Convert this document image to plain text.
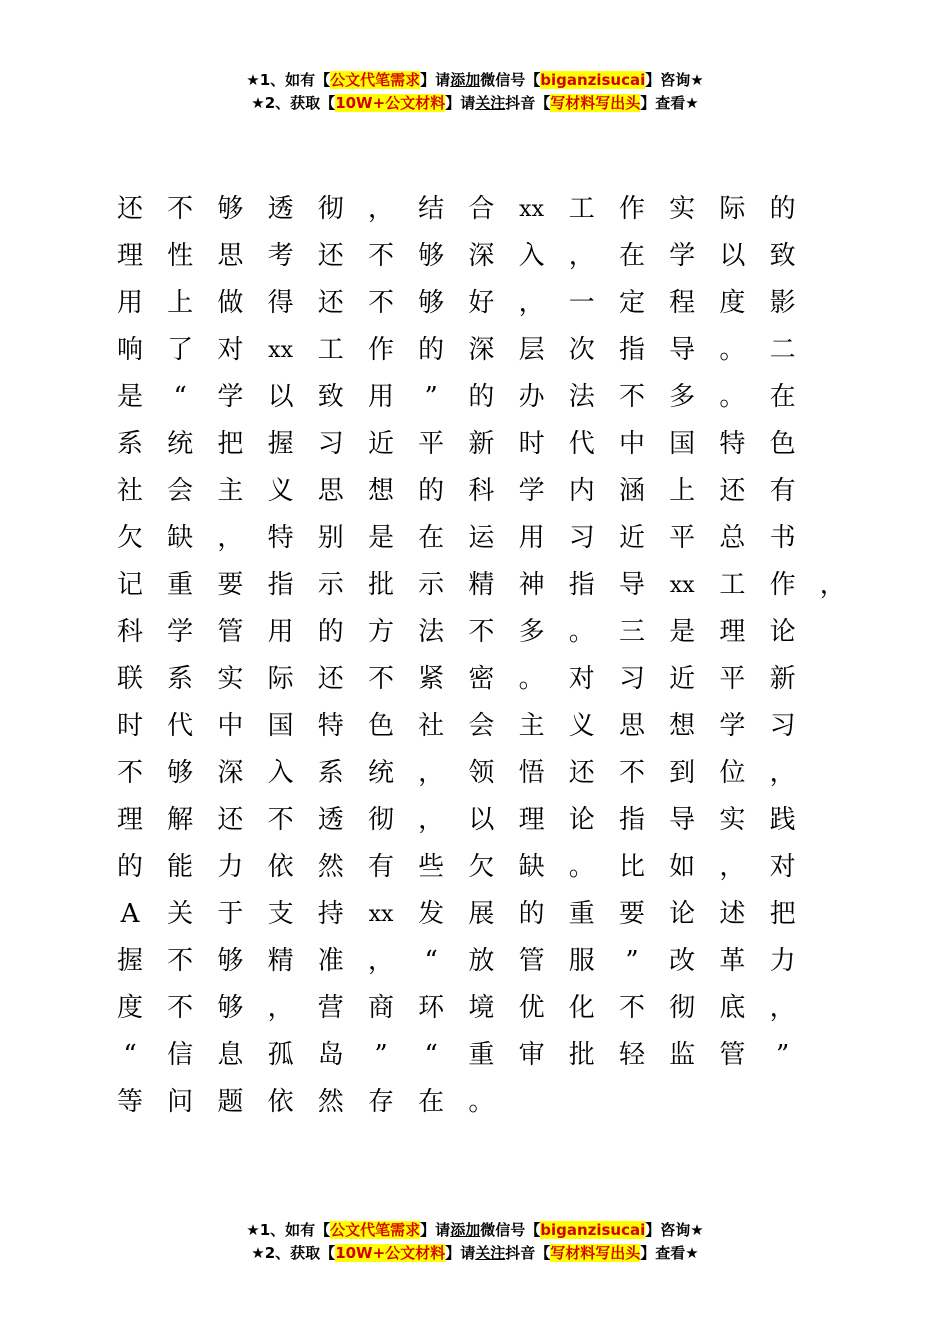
★1、如有【公文代笔需求】请添加微信号【biganzisucai】咨询★
★2、获取【10W+公文材料】请关注抖音【写材料写出头】查看★
还 不 够 透 彻 ， 结 合	xx 工 作 实 际 的
理 性 思 考 还 不 够 深 入 ， 在 学 以 致
用 上 做 得 还 不 够 好 ， 一 定 程 度 影
响 了 对	xx 工 作 的 深 层 次 指 导 。 二
是	“	学 以 致 用	”	的 办 法 不 多 。 在
系 统 把 握 习 近 平 新 时 代 中 国 特 色
社 会 主 义 思 想 的 科 学 内 涵 上 还 有
欠 缺 ， 特 别 是 在 运 用 习 近 平 总 书
记 重 要 指 示 批 示 精 神 指 导	xx 工 作 ，
科 学 管 用 的 方 法 不 多 。 三 是 理 论
联 系 实 际 还 不 紧 密 。 对 习 近 平 新
时 代 中 国 特 色 社 会 主 义 思 想 学 习
不 够 深 入 系 统 ， 领 悟 还 不 到 位 ，
理 解 还 不 透 彻 ， 以 理 论 指 导 实 践
的 能 力 依 然 有 些 欠 缺 。 比 如 ， 对
A	关 于 支 持	xx 发 展 的 重 要 论 述 把
握 不 够 精 准 ，	“	放 管 服	”	改 革 力
度 不 够 ， 营 商 环 境 优 化 不 彻 底 ，
“	信 息 孤 岛	”	“	重 审 批 轻 监 管	”
等 问 题 依 然 存 在 。
★1、如有【公文代笔需求】请添加微信号【biganzisucai】咨询★
★2、获取【10W+公文材料】请关注抖音【写材料写出头】查看★
